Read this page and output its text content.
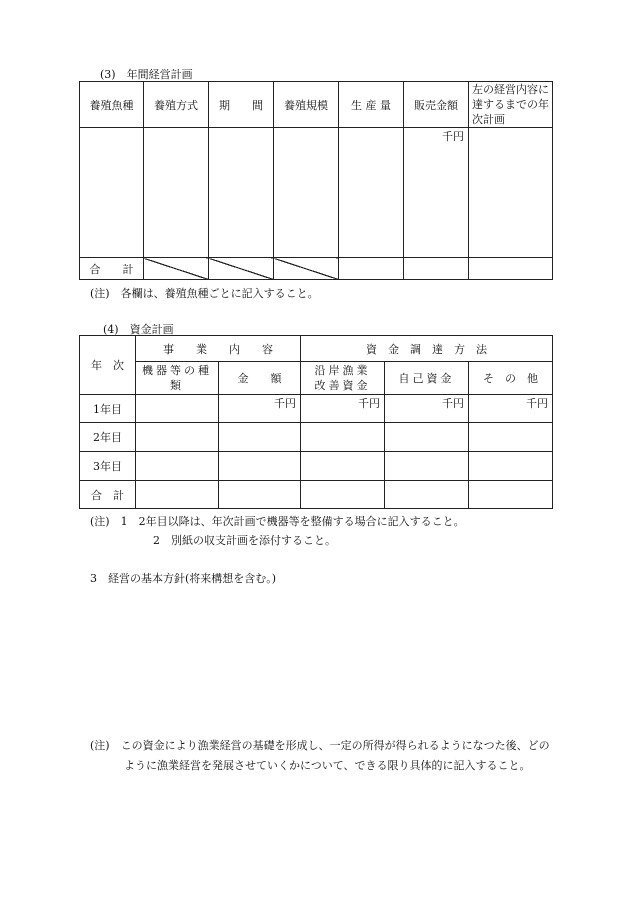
(3)　年間経営計画
養殖魚種	養殖方式	期　　間	養殖規模	生 産 量	販売金額	左の経営内容に達するまでの年次計画
					千円	
合　　計						
(注)　各欄は、養殖魚種ごとに記入すること。
(4)　資金計画
年　次	事　　業　　内　　容		資　金　調　達　方　法		
	機器等の種　　類	金　　額	沿岸漁業改善資金	自己資金	そ　の　他
1年目		千円	千円	千円	千円
2年目					
3年目					
合　計					
(注)　1　2年目以降は、年次計画で機器等を整備する場合に記入すること。
2　別紙の収支計画を添付すること。
3　経営の基本方針(将来構想を含む。)
(注)　この資金により漁業経営の基礎を形成し、一定の所得が得られるようになつた後、どのように漁業経営を発展させていくかについて、できる限り具体的に記入すること。
